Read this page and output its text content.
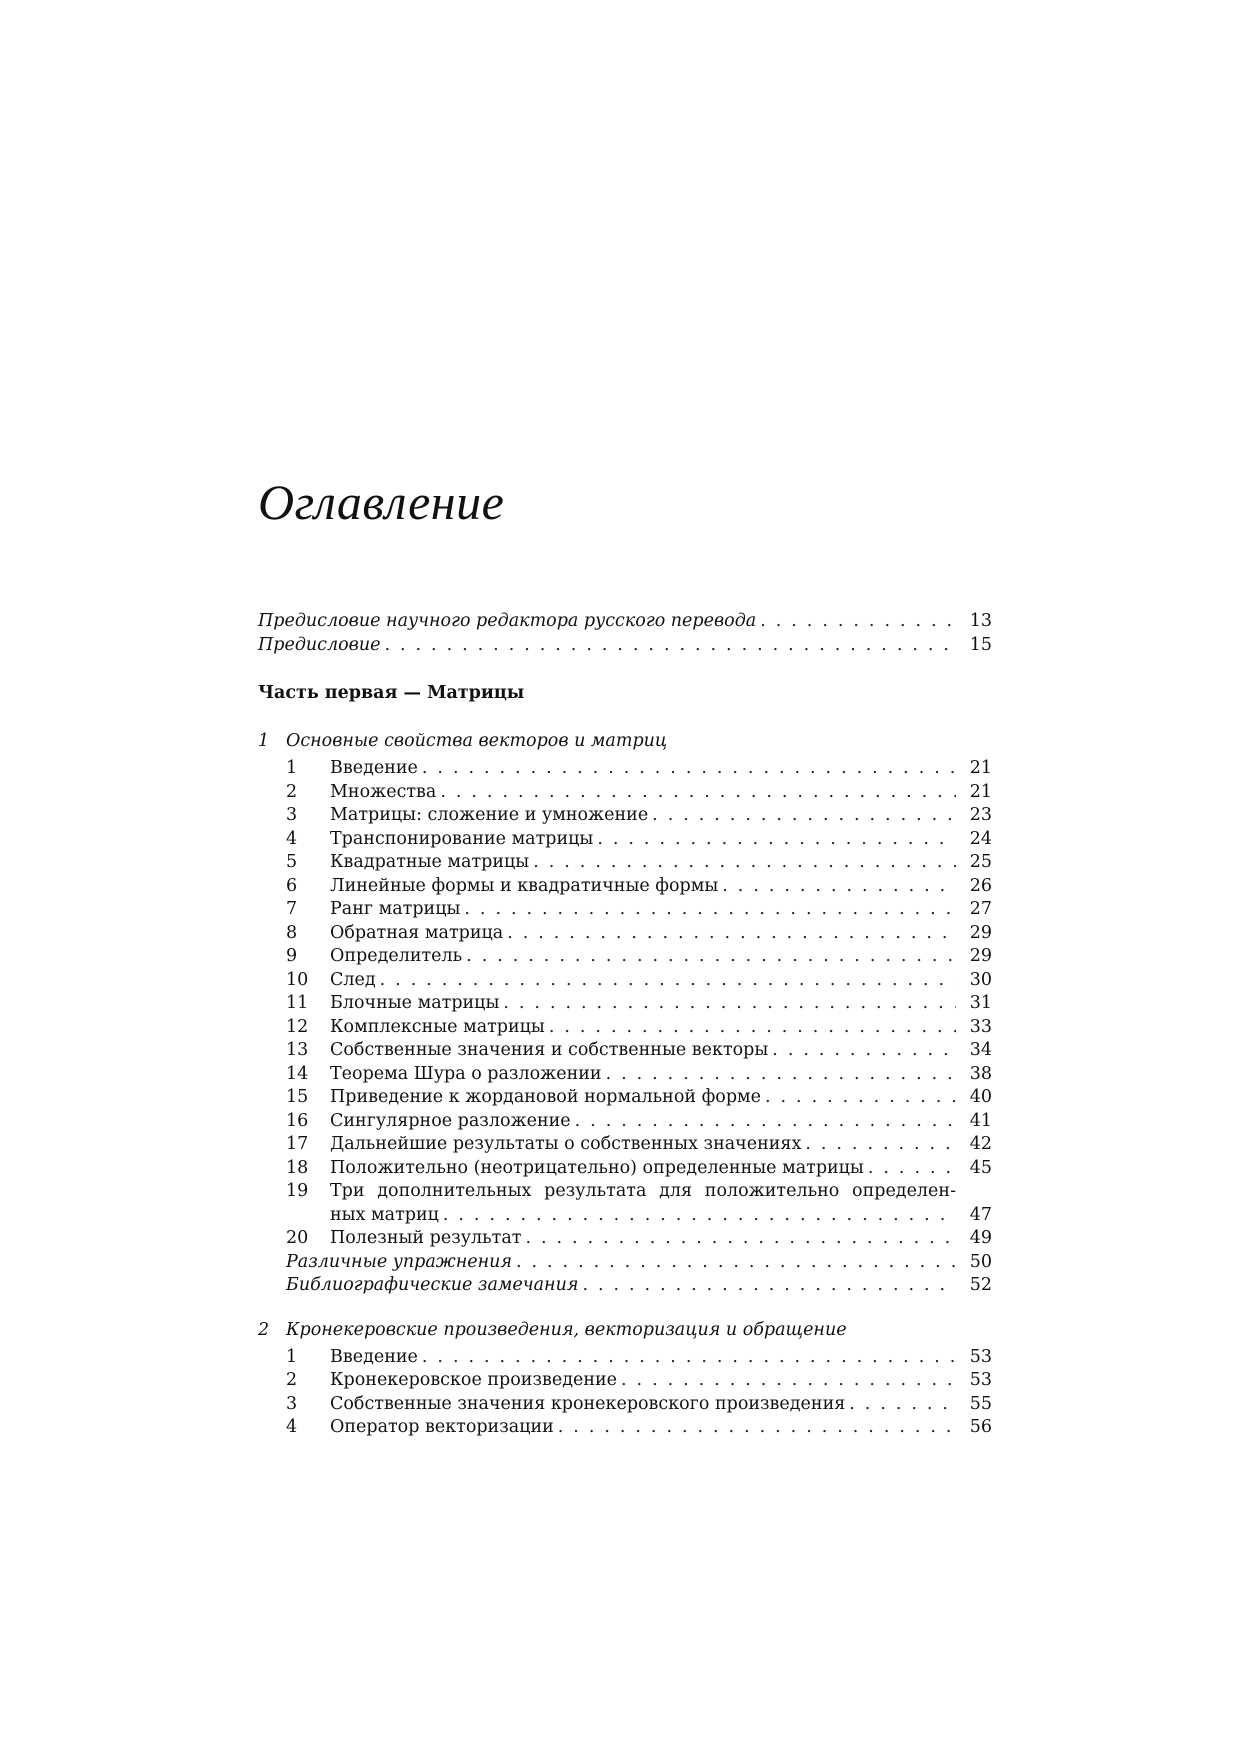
Оглавление
Предисловие научного редактора русского перевода . . .	13
Предисловие . . .	15
Часть первая — Матрицы
1 Основные свойства векторов и матриц
1	Введение . . .	21
2	Множества . . .	21
3	Матрицы: сложение и умножение . . .	23
4	Транспонирование матрицы . . .	24
5	Квадратные матрицы . . .	25
6	Линейные формы и квадратичные формы . . .	26
7	Ранг матрицы . . .	27
8	Обратная матрица . . .	29
9	Определитель . . .	29
10	След . . .	30
11	Блочные матрицы . . .	31
12	Комплексные матрицы . . .	33
13	Собственные значения и собственные векторы . . .	34
14	Теорема Шура о разложении . . .	38
15	Приведение к жордановой нормальной форме . . .	40
16	Сингулярное разложение . . .	41
17	Дальнейшие результаты о собственных значениях . . .	42
18	Положительно (неотрицательно) определенные матрицы . . .	45
19	Три дополнительных результата для положительно определен-
ных матриц . . .	47
20	Полезный результат . . .	49
Различные упражнения . . .	50
Библиографические замечания . . .	52
2 Кронекеровские произведения, векторизация и обращение
1	Введение . . .	53
2	Кронекеровское произведение . . .	53
3	Собственные значения кронекеровского произведения . . .	55
4	Оператор векторизации . . .	56
